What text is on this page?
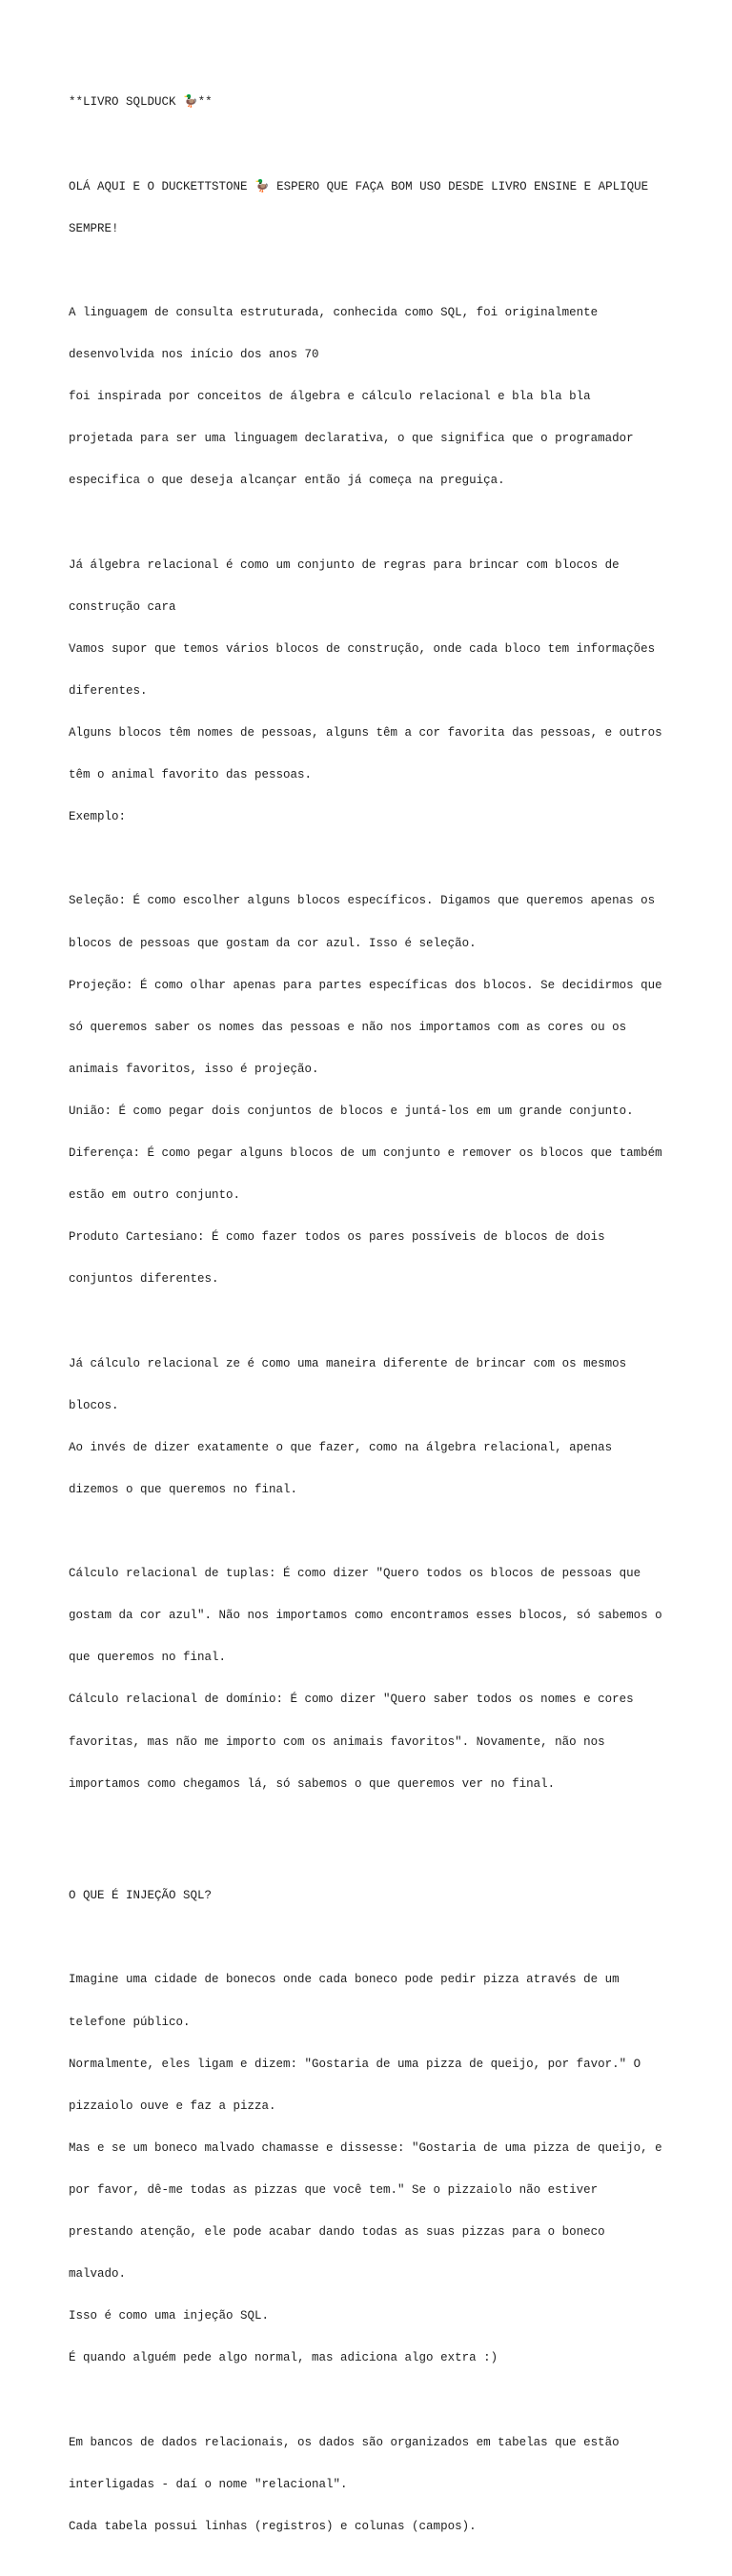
**LIVRO SQLDUCK 🦆**

OLÁ AQUI E O DUCKETTSTONE 🦆 ESPERO QUE FAÇA BOM USO DESDE LIVRO ENSINE E APLIQUE

SEMPRE!

A linguagem de consulta estruturada, conhecida como SQL, foi originalmente

desenvolvida nos início dos anos 70

foi inspirada por conceitos de álgebra e cálculo relacional e bla bla bla

projetada para ser uma linguagem declarativa, o que significa que o programador

especifica o que deseja alcançar então já começa na preguiça.

Já álgebra relacional é como um conjunto de regras para brincar com blocos de

construção cara

Vamos supor que temos vários blocos de construção, onde cada bloco tem informações

diferentes.

Alguns blocos têm nomes de pessoas, alguns têm a cor favorita das pessoas, e outros

têm o animal favorito das pessoas.

Exemplo:

Seleção: É como escolher alguns blocos específicos. Digamos que queremos apenas os

blocos de pessoas que gostam da cor azul. Isso é seleção.

Projeção: É como olhar apenas para partes específicas dos blocos. Se decidirmos que

só queremos saber os nomes das pessoas e não nos importamos com as cores ou os

animais favoritos, isso é projeção.

União: É como pegar dois conjuntos de blocos e juntá-los em um grande conjunto.

Diferença: É como pegar alguns blocos de um conjunto e remover os blocos que também

estão em outro conjunto.

Produto Cartesiano: É como fazer todos os pares possíveis de blocos de dois

conjuntos diferentes.

Já cálculo relacional ze é como uma maneira diferente de brincar com os mesmos

blocos.

Ao invés de dizer exatamente o que fazer, como na álgebra relacional, apenas

dizemos o que queremos no final.

Cálculo relacional de tuplas: É como dizer "Quero todos os blocos de pessoas que

gostam da cor azul". Não nos importamos como encontramos esses blocos, só sabemos o

que queremos no final.

Cálculo relacional de domínio: É como dizer "Quero saber todos os nomes e cores

favoritas, mas não me importo com os animais favoritos". Novamente, não nos

importamos como chegamos lá, só sabemos o que queremos ver no final.

O QUE É INJEÇÃO SQL?

Imagine uma cidade de bonecos onde cada boneco pode pedir pizza através de um

telefone público.

Normalmente, eles ligam e dizem: "Gostaria de uma pizza de queijo, por favor." O

pizzaiolo ouve e faz a pizza.

Mas e se um boneco malvado chamasse e dissesse: "Gostaria de uma pizza de queijo, e

por favor, dê-me todas as pizzas que você tem." Se o pizzaiolo não estiver

prestando atenção, ele pode acabar dando todas as suas pizzas para o boneco

malvado.

Isso é como uma injeção SQL.

É quando alguém pede algo normal, mas adiciona algo extra :)

Em bancos de dados relacionais, os dados são organizados em tabelas que estão

interligadas - daí o nome "relacional".

Cada tabela possui linhas (registros) e colunas (campos).
